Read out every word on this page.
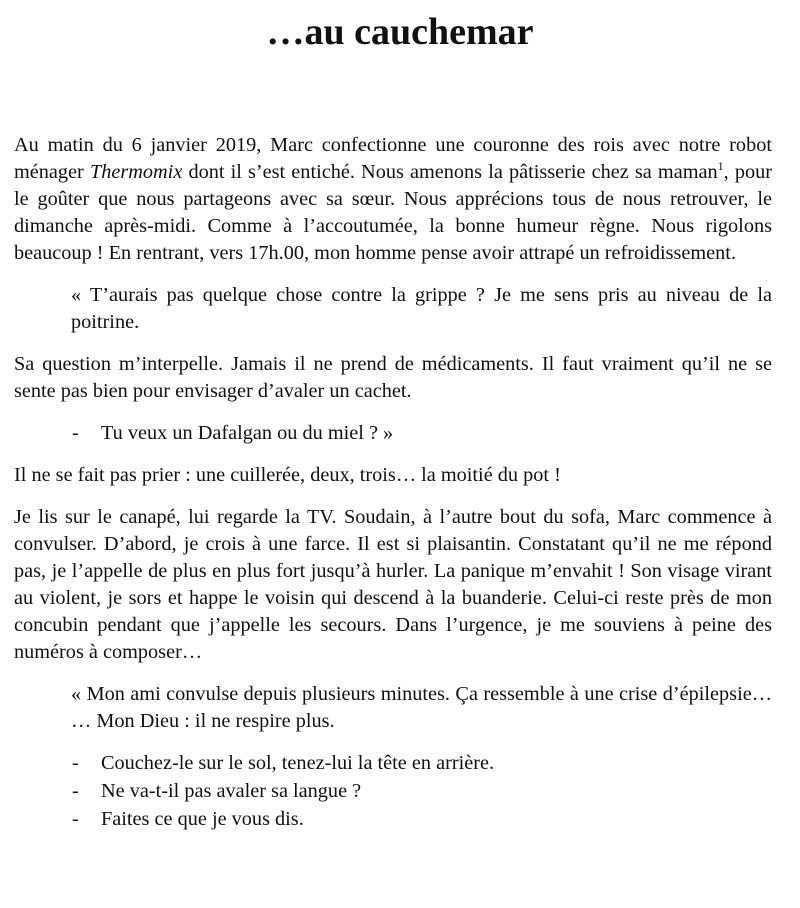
…au cauchemar

Au matin du 6 janvier 2019, Marc confectionne une couronne des rois avec notre robot ménager Thermomix dont il s’est entiché. Nous amenons la pâtisserie chez sa maman$^1$, pour le goûter que nous partageons avec sa sœur. Nous apprécions tous de nous retrouver, le dimanche après-midi. Comme à l’accoutumée, la bonne humeur règne. Nous rigolons beaucoup ! En rentrant, vers 17h.00, mon homme pense avoir attrapé un refroidissement.

« T’aurais pas quelque chose contre la grippe ? Je me sens pris au niveau de la poitrine.

Sa question m’interpelle. Jamais il ne prend de médicaments. Il faut vraiment qu’il ne se sente pas bien pour envisager d’avaler un cachet.

- Tu veux un Dafalgan ou du miel ? »

Il ne se fait pas prier : une cuillerée, deux, trois… la moitié du pot !

Je lis sur le canapé, lui regarde la TV. Soudain, à l’autre bout du sofa, Marc commence à convulser. D’abord, je crois à une farce. Il est si plaisantin. Constatant qu’il ne me répond pas, je l’appelle de plus en plus fort jusqu’à hurler. La panique m’envahit ! Son visage virant au violent, je sors et happe le voisin qui descend à la buanderie. Celui-ci reste près de mon concubin pendant que j’appelle les secours. Dans l’urgence, je me souviens à peine des numéros à composer…

« Mon ami convulse depuis plusieurs minutes. Ça ressemble à une crise d’épilepsie… … Mon Dieu : il ne respire plus.

- Couchez-le sur le sol, tenez-lui la tête en arrière.

- Ne va-t-il pas avaler sa langue ?

- Faites ce que je vous dis.
